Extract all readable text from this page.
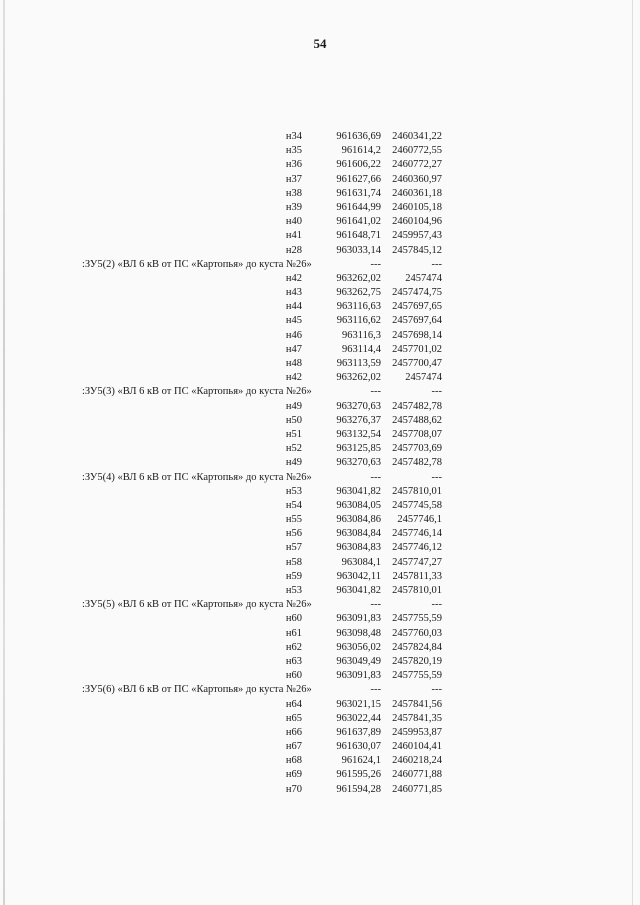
54
н34	961636,69	2460341,22
н35	961614,2	2460772,55
н36	961606,22	2460772,27
н37	961627,66	2460360,97
н38	961631,74	2460361,18
н39	961644,99	2460105,18
н40	961641,02	2460104,96
н41	961648,71	2459957,43
н28	963033,14	2457845,12
:ЗУ5(2) «ВЛ 6 кВ от ПС «Картопья» до куста №26»	---	---
н42	963262,02	2457474
н43	963262,75	2457474,75
н44	963116,63	2457697,65
н45	963116,62	2457697,64
н46	963116,3	2457698,14
н47	963114,4	2457701,02
н48	963113,59	2457700,47
н42	963262,02	2457474
:ЗУ5(3) «ВЛ 6 кВ от ПС «Картопья» до куста №26»	---	---
н49	963270,63	2457482,78
н50	963276,37	2457488,62
н51	963132,54	2457708,07
н52	963125,85	2457703,69
н49	963270,63	2457482,78
:ЗУ5(4) «ВЛ 6 кВ от ПС «Картопья» до куста №26»	---	---
н53	963041,82	2457810,01
н54	963084,05	2457745,58
н55	963084,86	2457746,1
н56	963084,84	2457746,14
н57	963084,83	2457746,12
н58	963084,1	2457747,27
н59	963042,11	2457811,33
н53	963041,82	2457810,01
:ЗУ5(5) «ВЛ 6 кВ от ПС «Картопья» до куста №26»	---	---
н60	963091,83	2457755,59
н61	963098,48	2457760,03
н62	963056,02	2457824,84
н63	963049,49	2457820,19
н60	963091,83	2457755,59
:ЗУ5(6) «ВЛ 6 кВ от ПС «Картопья» до куста №26»	---	---
н64	963021,15	2457841,56
н65	963022,44	2457841,35
н66	961637,89	2459953,87
н67	961630,07	2460104,41
н68	961624,1	2460218,24
н69	961595,26	2460771,88
н70	961594,28	2460771,85
